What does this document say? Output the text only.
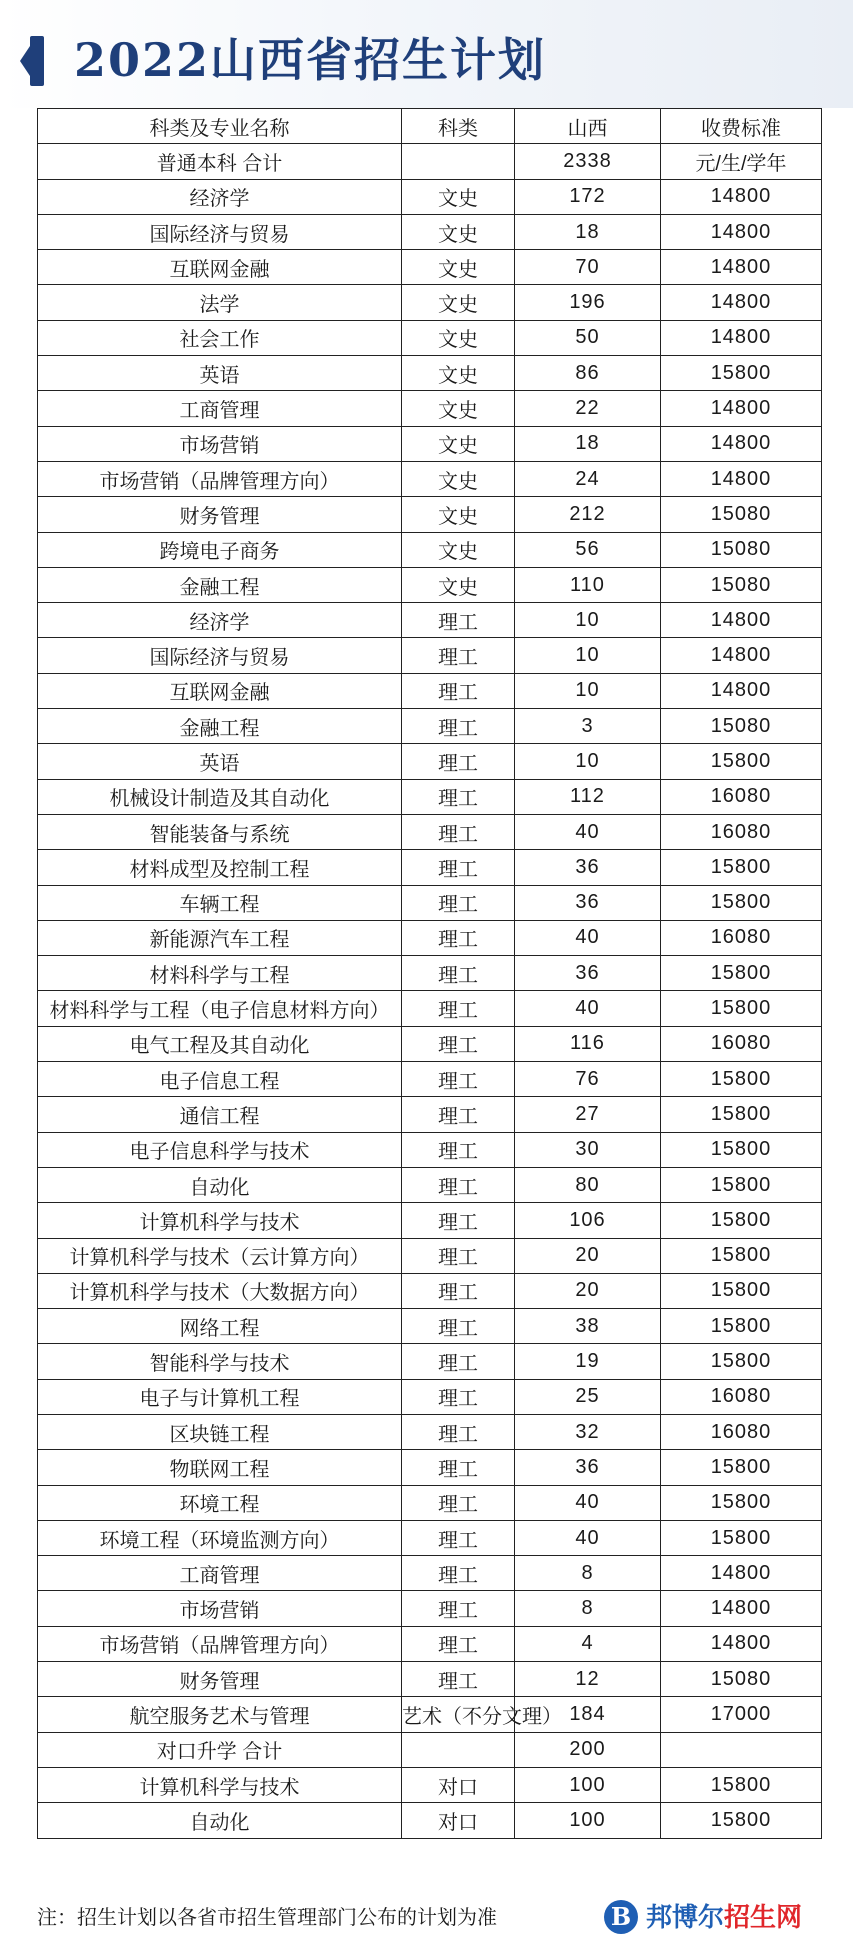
2022山西省招生计划
科类及专业名称	科类	山西	收费标准
普通本科 合计		2338	元/生/学年
经济学	文史	172	14800
国际经济与贸易	文史	18	14800
互联网金融	文史	70	14800
法学	文史	196	14800
社会工作	文史	50	14800
英语	文史	86	15800
工商管理	文史	22	14800
市场营销	文史	18	14800
市场营销（品牌管理方向）	文史	24	14800
财务管理	文史	212	15080
跨境电子商务	文史	56	15080
金融工程	文史	110	15080
经济学	理工	10	14800
国际经济与贸易	理工	10	14800
互联网金融	理工	10	14800
金融工程	理工	3	15080
英语	理工	10	15800
机械设计制造及其自动化	理工	112	16080
智能装备与系统	理工	40	16080
材料成型及控制工程	理工	36	15800
车辆工程	理工	36	15800
新能源汽车工程	理工	40	16080
材料科学与工程	理工	36	15800
材料科学与工程（电子信息材料方向）	理工	40	15800
电气工程及其自动化	理工	116	16080
电子信息工程	理工	76	15800
通信工程	理工	27	15800
电子信息科学与技术	理工	30	15800
自动化	理工	80	15800
计算机科学与技术	理工	106	15800
计算机科学与技术（云计算方向）	理工	20	15800
计算机科学与技术（大数据方向）	理工	20	15800
网络工程	理工	38	15800
智能科学与技术	理工	19	15800
电子与计算机工程	理工	25	16080
区块链工程	理工	32	16080
物联网工程	理工	36	15800
环境工程	理工	40	15800
环境工程（环境监测方向）	理工	40	15800
工商管理	理工	8	14800
市场营销	理工	8	14800
市场营销（品牌管理方向）	理工	4	14800
财务管理	理工	12	15080
航空服务艺术与管理	艺术（不分文理）	184	17000
对口升学 合计		200	
计算机科学与技术	对口	100	15800
自动化	对口	100	15800
注：招生计划以各省市招生管理部门公布的计划为准	B 邦博尔招生网
